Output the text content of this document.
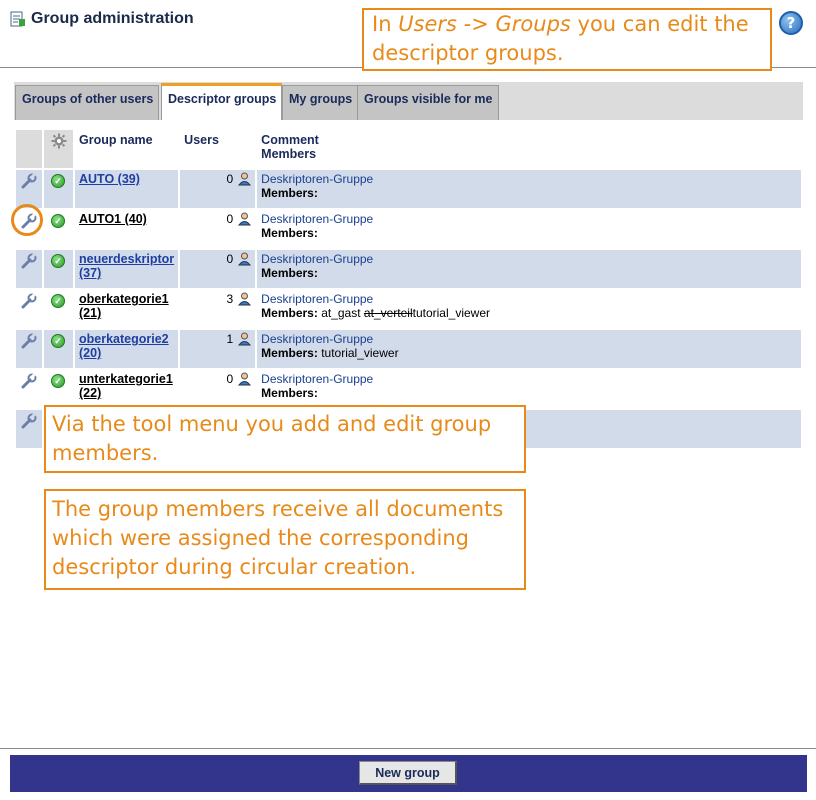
Group administration	?
Groups of other users	Descriptor groups	My groups Groups visible for me
		Group name	Users	Comment
Members

	✓	AUTO (39)	0	Deskriptoren-Gruppe
Members:

	✓	AUTO1 (40)	0	Deskriptoren-Gruppe
Members:

	✓	neuerdeskriptor (37)	0	Deskriptoren-Gruppe
Members:

	✓	oberkategorie1 (21)	3	Deskriptoren-Gruppe
Members: at_gast at_verteiltutorial_viewer

	✓	oberkategorie2 (20)	1	Deskriptoren-Gruppe
Members: tutorial_viewer

	✓	unterkategorie1 (22)	0	Deskriptoren-Gruppe
Members:

In Users -> Groups you can edit the descriptor groups.
Via the tool menu you add and edit group members.
The group members receive all documents which were assigned the corresponding descriptor during circular creation.
New group
